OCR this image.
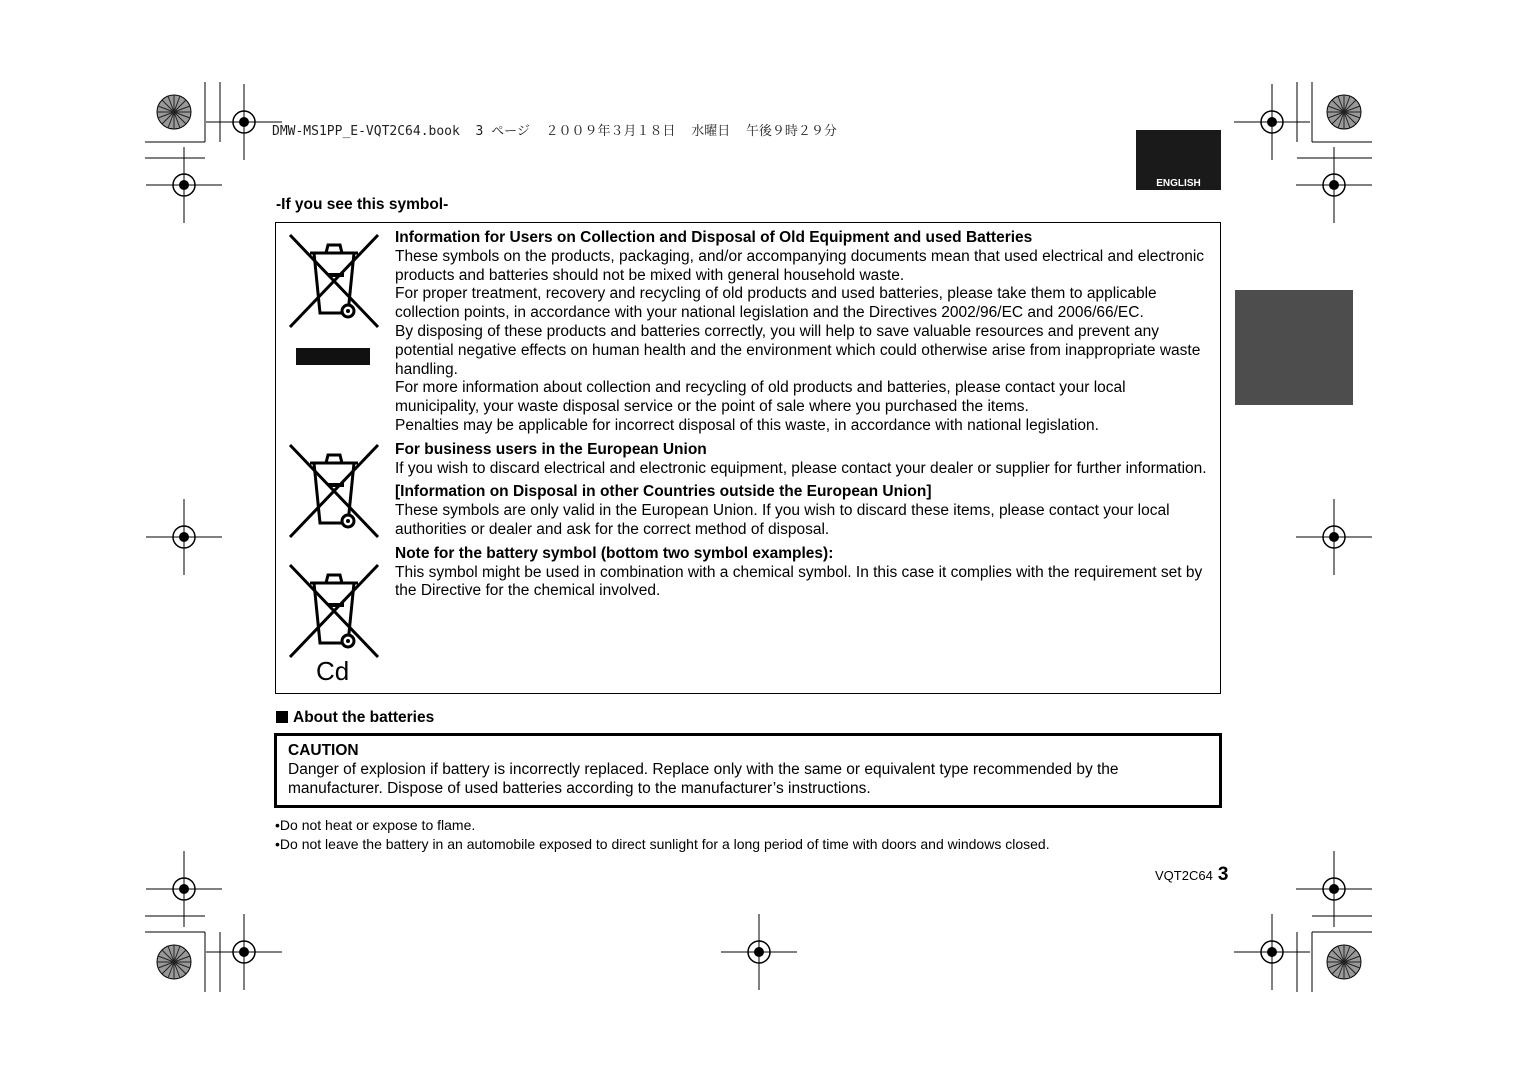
DMW-MS1PP_E-VQT2C64.book  3 ページ  ２００９年３月１８日  水曜日  午後９時２９分
ENGLISH
-If you see this symbol-
Cd

Information for Users on Collection and Disposal of Old Equipment and used Batteries

These symbols on the products, packaging, and/or accompanying documents mean that used electrical and electronic products and batteries should not be mixed with general household waste.

For proper treatment, recovery and recycling of old products and used batteries, please take them to applicable collection points, in accordance with your national legislation and the Directives 2002/96/EC and 2006/66/EC.

By disposing of these products and batteries correctly, you will help to save valuable resources and prevent any potential negative effects on human health and the environment which could otherwise arise from inappropriate waste handling.

For more information about collection and recycling of old products and batteries, please contact your local municipality, your waste disposal service or the point of sale where you purchased the items.

Penalties may be applicable for incorrect disposal of this waste, in accordance with national legislation.

For business users in the European Union

If you wish to discard electrical and electronic equipment, please contact your dealer or supplier for further information.

[Information on Disposal in other Countries outside the European Union]

These symbols are only valid in the European Union. If you wish to discard these items, please contact your local authorities or dealer and ask for the correct method of disposal.

Note for the battery symbol (bottom two symbol examples):

This symbol might be used in combination with a chemical symbol. In this case it complies with the requirement set by the Directive for the chemical involved.

About the batteries
CAUTION
Danger of explosion if battery is incorrectly replaced. Replace only with the same or equivalent type recommended by the manufacturer. Dispose of used batteries according to the manufacturer’s instructions.
• Do not heat or expose to flame.
• Do not leave the battery in an automobile exposed to direct sunlight for a long period of time with doors and windows closed.
VQT2C64 3
